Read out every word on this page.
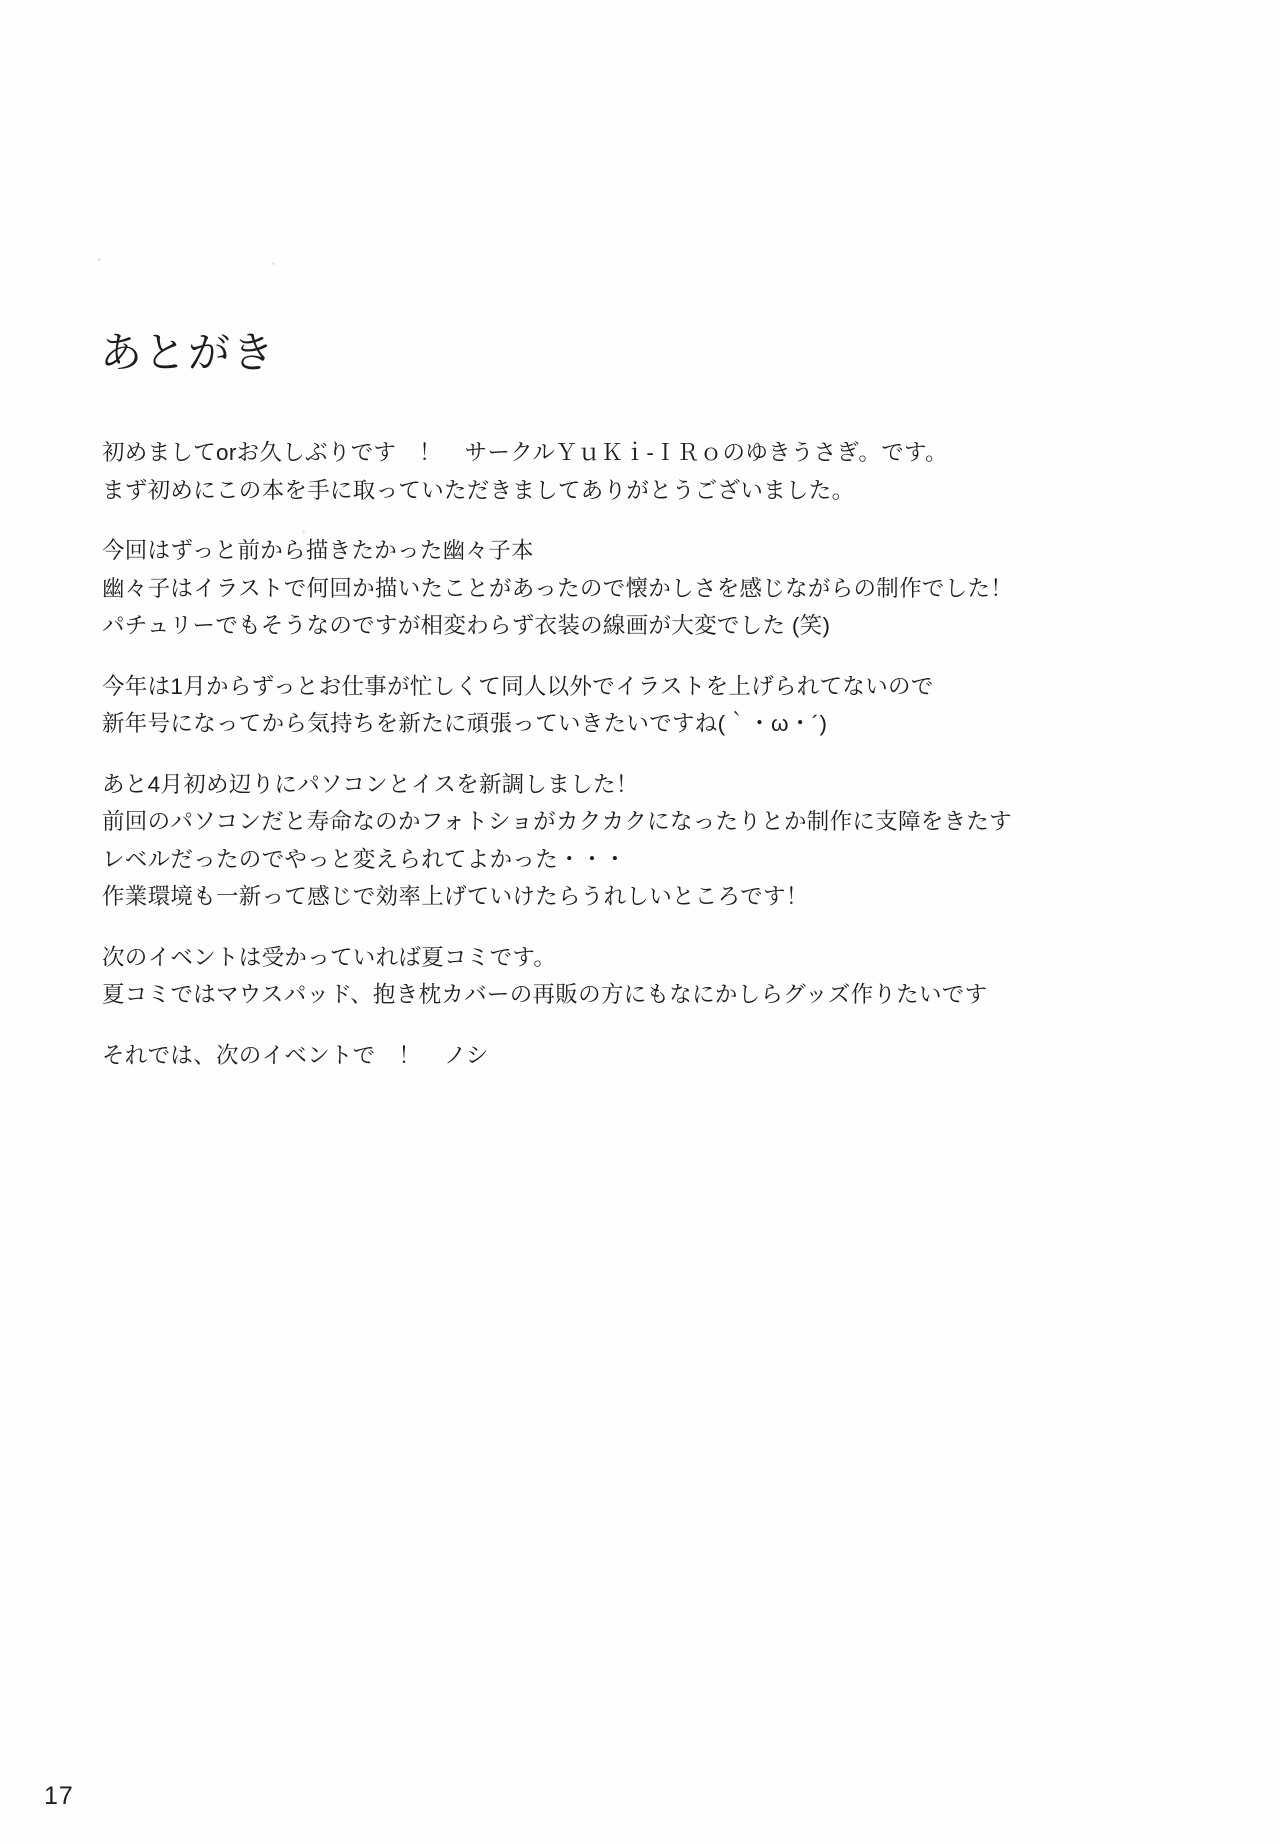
あとがき
初めましてorお久しぶりです　！　サークルＹｕＫｉ-ＩＲｏのゆきうさぎ。です。
まず初めにこの本を手に取っていただきましてありがとうございました。
今回はずっと前から描きたかった幽々子本
幽々子はイラストで何回か描いたことがあったので懐かしさを感じながらの制作でした！
パチュリーでもそうなのですが相変わらず衣装の線画が大変でした (笑)
今年は1月からずっとお仕事が忙しくて同人以外でイラストを上げられてないので
新年号になってから気持ちを新たに頑張っていきたいですね(｀・ω・´)
あと4月初め辺りにパソコンとイスを新調しました！
前回のパソコンだと寿命なのかフォトショがカクカクになったりとか制作に支障をきたす
レベルだったのでやっと変えられてよかった・・・
作業環境も一新って感じで効率上げていけたらうれしいところです！
次のイベントは受かっていれば夏コミです。
夏コミではマウスパッド、抱き枕カバーの再販の方にもなにかしらグッズ作りたいです
それでは、次のイベントで　！　ノシ
17
